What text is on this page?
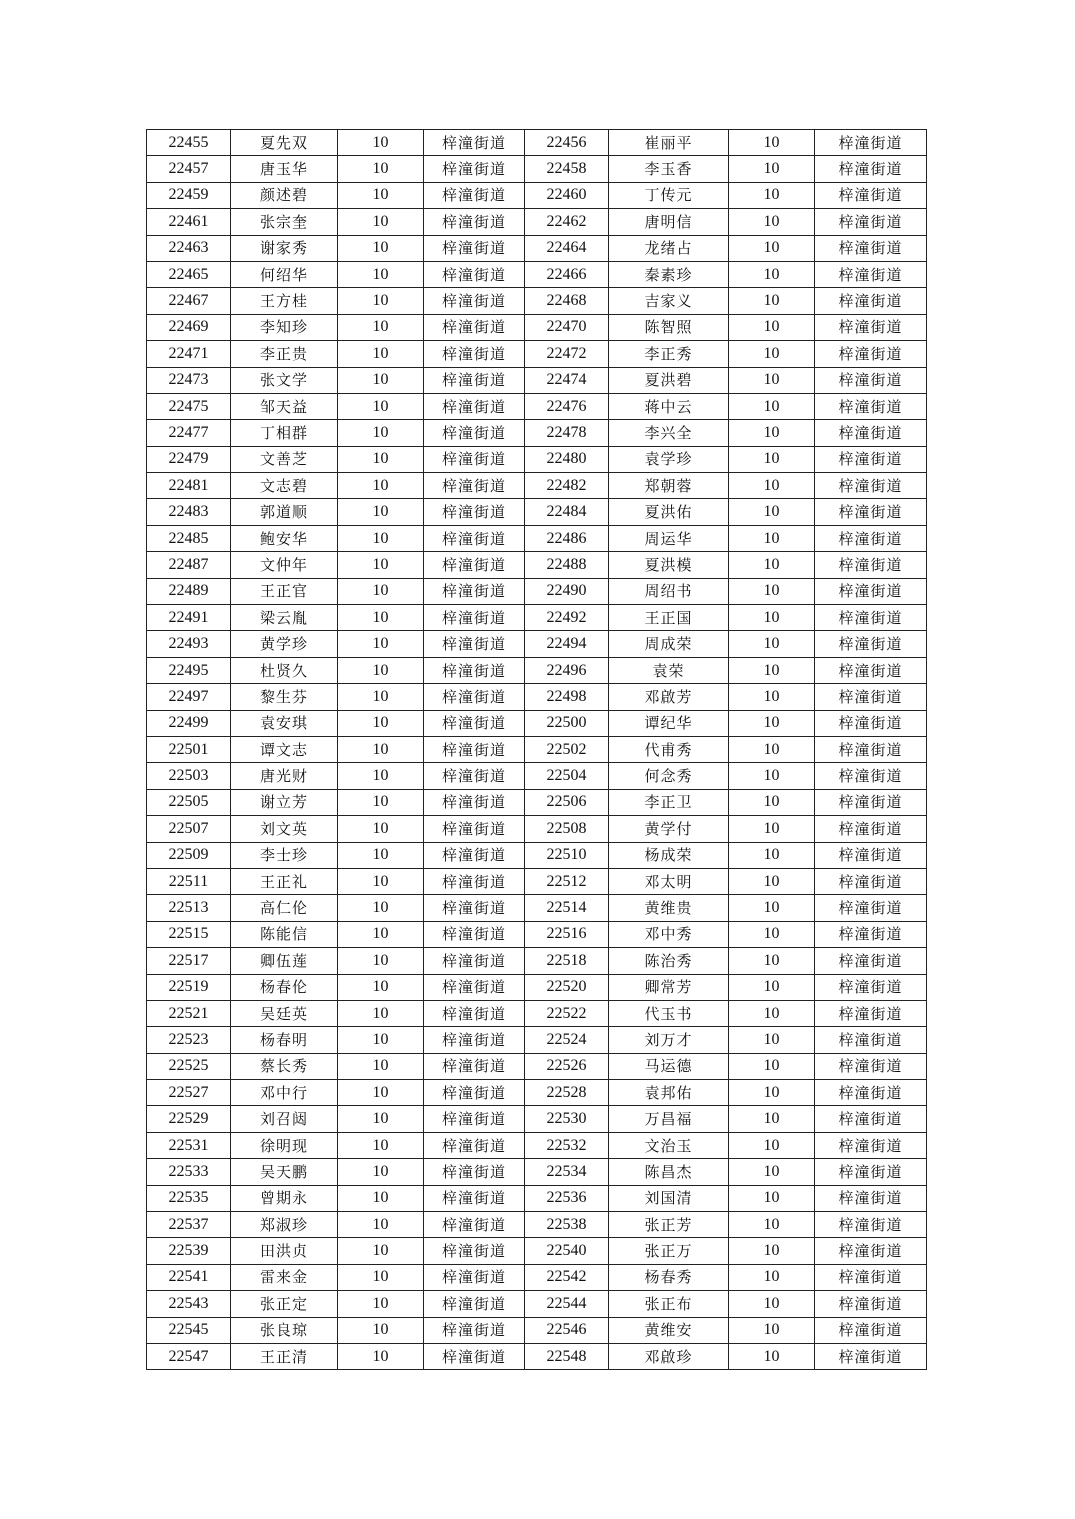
22455	夏先双	10	梓潼街道	22456	崔丽平	10	梓潼街道
22457	唐玉华	10	梓潼街道	22458	李玉香	10	梓潼街道
22459	颜述碧	10	梓潼街道	22460	丁传元	10	梓潼街道
22461	张宗奎	10	梓潼街道	22462	唐明信	10	梓潼街道
22463	谢家秀	10	梓潼街道	22464	龙绪占	10	梓潼街道
22465	何绍华	10	梓潼街道	22466	秦素珍	10	梓潼街道
22467	王方桂	10	梓潼街道	22468	吉家义	10	梓潼街道
22469	李知珍	10	梓潼街道	22470	陈智照	10	梓潼街道
22471	李正贵	10	梓潼街道	22472	李正秀	10	梓潼街道
22473	张文学	10	梓潼街道	22474	夏洪碧	10	梓潼街道
22475	邹天益	10	梓潼街道	22476	蒋中云	10	梓潼街道
22477	丁相群	10	梓潼街道	22478	李兴全	10	梓潼街道
22479	文善芝	10	梓潼街道	22480	袁学珍	10	梓潼街道
22481	文志碧	10	梓潼街道	22482	郑朝蓉	10	梓潼街道
22483	郭道顺	10	梓潼街道	22484	夏洪佑	10	梓潼街道
22485	鲍安华	10	梓潼街道	22486	周运华	10	梓潼街道
22487	文仲年	10	梓潼街道	22488	夏洪模	10	梓潼街道
22489	王正官	10	梓潼街道	22490	周绍书	10	梓潼街道
22491	梁云胤	10	梓潼街道	22492	王正国	10	梓潼街道
22493	黄学珍	10	梓潼街道	22494	周成荣	10	梓潼街道
22495	杜贤久	10	梓潼街道	22496	袁荣	10	梓潼街道
22497	黎生芬	10	梓潼街道	22498	邓啟芳	10	梓潼街道
22499	袁安琪	10	梓潼街道	22500	谭纪华	10	梓潼街道
22501	谭文志	10	梓潼街道	22502	代甫秀	10	梓潼街道
22503	唐光财	10	梓潼街道	22504	何念秀	10	梓潼街道
22505	谢立芳	10	梓潼街道	22506	李正卫	10	梓潼街道
22507	刘文英	10	梓潼街道	22508	黄学付	10	梓潼街道
22509	李士珍	10	梓潼街道	22510	杨成荣	10	梓潼街道
22511	王正礼	10	梓潼街道	22512	邓太明	10	梓潼街道
22513	高仁伦	10	梓潼街道	22514	黄维贵	10	梓潼街道
22515	陈能信	10	梓潼街道	22516	邓中秀	10	梓潼街道
22517	卿伍莲	10	梓潼街道	22518	陈治秀	10	梓潼街道
22519	杨春伦	10	梓潼街道	22520	卿常芳	10	梓潼街道
22521	吴廷英	10	梓潼街道	22522	代玉书	10	梓潼街道
22523	杨春明	10	梓潼街道	22524	刘万才	10	梓潼街道
22525	蔡长秀	10	梓潼街道	22526	马运德	10	梓潼街道
22527	邓中行	10	梓潼街道	22528	袁邦佑	10	梓潼街道
22529	刘召闼	10	梓潼街道	22530	万昌福	10	梓潼街道
22531	徐明现	10	梓潼街道	22532	文治玉	10	梓潼街道
22533	吴天鹏	10	梓潼街道	22534	陈昌杰	10	梓潼街道
22535	曾期永	10	梓潼街道	22536	刘国清	10	梓潼街道
22537	郑淑珍	10	梓潼街道	22538	张正芳	10	梓潼街道
22539	田洪贞	10	梓潼街道	22540	张正万	10	梓潼街道
22541	雷来金	10	梓潼街道	22542	杨春秀	10	梓潼街道
22543	张正定	10	梓潼街道	22544	张正布	10	梓潼街道
22545	张良琼	10	梓潼街道	22546	黄维安	10	梓潼街道
22547	王正清	10	梓潼街道	22548	邓啟珍	10	梓潼街道
